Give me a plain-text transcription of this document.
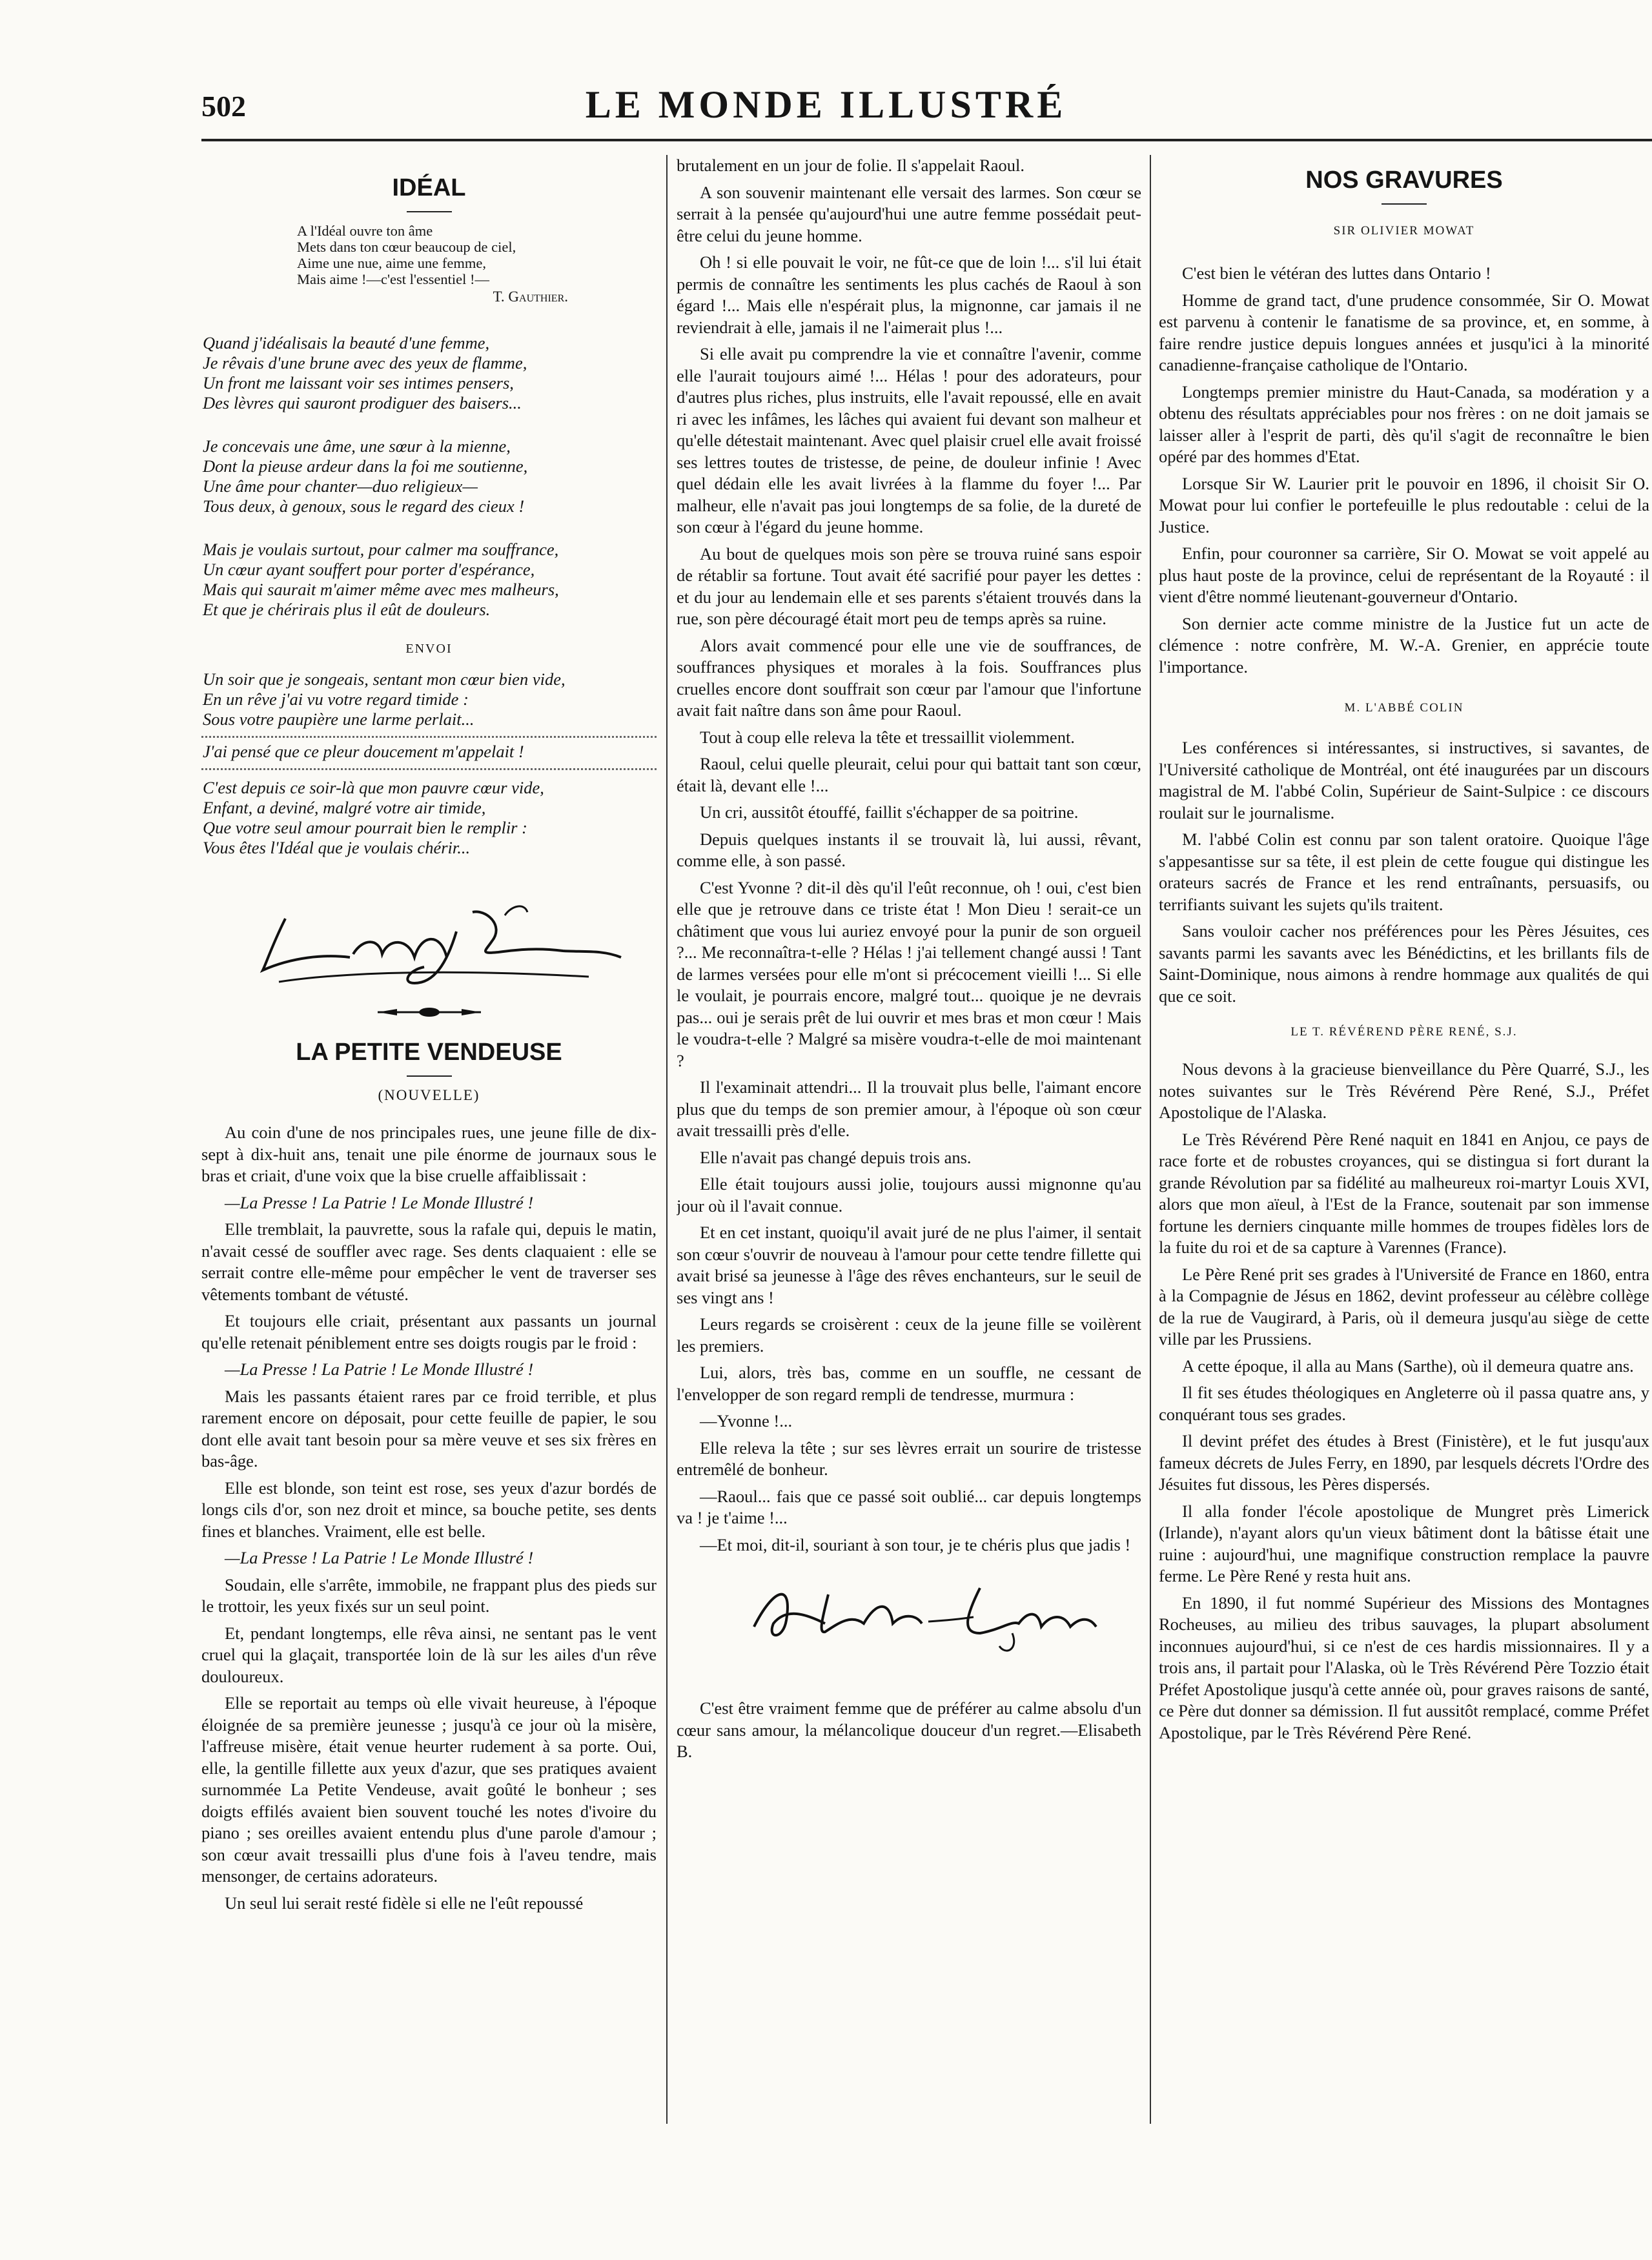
502	LE MONDE ILLUSTRÉ
IDÉAL
A l'Idéal ouvre ton âme
Mets dans ton cœur beaucoup de ciel,
Aime une nue, aime une femme,
Mais aime !—c'est l'essentiel !—
T. Gauthier.
Quand j'idéalisais la beauté d'une femme,
Je rêvais d'une brune avec des yeux de flamme,
Un front me laissant voir ses intimes pensers,
Des lèvres qui sauront prodiguer des baisers...
Je concevais une âme, une sœur à la mienne,
Dont la pieuse ardeur dans la foi me soutienne,
Une âme pour chanter—duo religieux—
Tous deux, à genoux, sous le regard des cieux !
Mais je voulais surtout, pour calmer ma souffrance,
Un cœur ayant souffert pour porter d'espérance,
Mais qui saurait m'aimer même avec mes malheurs,
Et que je chérirais plus il eût de douleurs.
ENVOI
Un soir que je songeais, sentant mon cœur bien vide,
En un rêve j'ai vu votre regard timide :
Sous votre paupière une larme perlait...
J'ai pensé que ce pleur doucement m'appelait !
C'est depuis ce soir-là que mon pauvre cœur vide,
Enfant, a deviné, malgré votre air timide,
Que votre seul amour pourrait bien le remplir :
Vous êtes l'Idéal que je voulais chérir...
Louis J. Bélineau
LA PETITE VENDEUSE
(NOUVELLE)

Au coin d'une de nos principales rues, une jeune fille de dix-sept à dix-huit ans, tenait une pile énorme de journaux sous le bras et criait, d'une voix que la bise cruelle affaiblissait :

—La Presse ! La Patrie ! Le Monde Illustré !

Elle tremblait, la pauvrette, sous la rafale qui, depuis le matin, n'avait cessé de souffler avec rage. Ses dents claquaient : elle se serrait contre elle-même pour empêcher le vent de traverser ses vêtements tombant de vétusté.

Et toujours elle criait, présentant aux passants un journal qu'elle retenait péniblement entre ses doigts rougis par le froid :

—La Presse ! La Patrie ! Le Monde Illustré !

Mais les passants étaient rares par ce froid terrible, et plus rarement encore on déposait, pour cette feuille de papier, le sou dont elle avait tant besoin pour sa mère veuve et ses six frères en bas-âge.

Elle est blonde, son teint est rose, ses yeux d'azur bordés de longs cils d'or, son nez droit et mince, sa bouche petite, ses dents fines et blanches. Vraiment, elle est belle.

—La Presse ! La Patrie ! Le Monde Illustré !

Soudain, elle s'arrête, immobile, ne frappant plus des pieds sur le trottoir, les yeux fixés sur un seul point.

Et, pendant longtemps, elle rêva ainsi, ne sentant pas le vent cruel qui la glaçait, transportée loin de là sur les ailes d'un rêve douloureux.

Elle se reportait au temps où elle vivait heureuse, à l'époque éloignée de sa première jeunesse ; jusqu'à ce jour où la misère, l'affreuse misère, était venue heurter rudement à sa porte. Oui, elle, la gentille fillette aux yeux d'azur, que ses pratiques avaient surnommée La Petite Vendeuse, avait goûté le bonheur ; ses doigts effilés avaient bien souvent touché les notes d'ivoire du piano ; ses oreilles avaient entendu plus d'une parole d'amour ; son cœur avait tressailli plus d'une fois à l'aveu tendre, mais mensonger, de certains adorateurs.

Un seul lui serait resté fidèle si elle ne l'eût repoussé

brutalement en un jour de folie. Il s'appelait Raoul.

A son souvenir maintenant elle versait des larmes. Son cœur se serrait à la pensée qu'aujourd'hui une autre femme possédait peut-être celui du jeune homme.

Oh ! si elle pouvait le voir, ne fût-ce que de loin !... s'il lui était permis de connaître les sentiments les plus cachés de Raoul à son égard !... Mais elle n'espérait plus, la mignonne, car jamais il ne reviendrait à elle, jamais il ne l'aimerait plus !...

Si elle avait pu comprendre la vie et connaître l'avenir, comme elle l'aurait toujours aimé !... Hélas ! pour des adorateurs, pour d'autres plus riches, plus instruits, elle l'avait repoussé, elle en avait ri avec les infâmes, les lâches qui avaient fui devant son malheur et qu'elle détestait maintenant. Avec quel plaisir cruel elle avait froissé ses lettres toutes de tristesse, de peine, de douleur infinie ! Avec quel dédain elle les avait livrées à la flamme du foyer !... Par malheur, elle n'avait pas joui longtemps de sa folie, de la dureté de son cœur à l'égard du jeune homme.

Au bout de quelques mois son père se trouva ruiné sans espoir de rétablir sa fortune. Tout avait été sacrifié pour payer les dettes : et du jour au lendemain elle et ses parents s'étaient trouvés dans la rue, son père découragé était mort peu de temps après sa ruine.

Alors avait commencé pour elle une vie de souffrances, de souffrances physiques et morales à la fois. Souffrances plus cruelles encore dont souffrait son cœur par l'amour que l'infortune avait fait naître dans son âme pour Raoul.

Tout à coup elle releva la tête et tressaillit violemment.

Raoul, celui quelle pleurait, celui pour qui battait tant son cœur, était là, devant elle !...

Un cri, aussitôt étouffé, faillit s'échapper de sa poitrine.

Depuis quelques instants il se trouvait là, lui aussi, rêvant, comme elle, à son passé.

C'est Yvonne ? dit-il dès qu'il l'eût reconnue, oh ! oui, c'est bien elle que je retrouve dans ce triste état ! Mon Dieu ! serait-ce un châtiment que vous lui auriez envoyé pour la punir de son orgueil ?... Me reconnaîtra-t-elle ? Hélas ! j'ai tellement changé aussi ! Tant de larmes versées pour elle m'ont si précocement vieilli !... Si elle le voulait, je pourrais encore, malgré tout... quoique je ne devrais pas... oui je serais prêt de lui ouvrir et mes bras et mon cœur ! Mais le voudra-t-elle ? Malgré sa misère voudra-t-elle de moi maintenant ?

Il l'examinait attendri... Il la trouvait plus belle, l'aimant encore plus que du temps de son premier amour, à l'époque où son cœur avait tressailli près d'elle.

Elle n'avait pas changé depuis trois ans.

Elle était toujours aussi jolie, toujours aussi mignonne qu'au jour où il l'avait connue.

Et en cet instant, quoiqu'il avait juré de ne plus l'aimer, il sentait son cœur s'ouvrir de nouveau à l'amour pour cette tendre fillette qui avait brisé sa jeunesse à l'âge des rêves enchanteurs, sur le seuil de ses vingt ans !

Leurs regards se croisèrent : ceux de la jeune fille se voilèrent les premiers.

Lui, alors, très bas, comme en un souffle, ne cessant de l'envelopper de son regard rempli de tendresse, murmura :

—Yvonne !...

Elle releva la tête ; sur ses lèvres errait un sourire de tristesse entremêlé de bonheur.

—Raoul... fais que ce passé soit oublié... car depuis longtemps va ! je t'aime !...

—Et moi, dit-il, souriant à son tour, je te chéris plus que jadis !

Alphonse Gingras

C'est être vraiment femme que de préférer au calme absolu d'un cœur sans amour, la mélancolique douceur d'un regret.—Elisabeth B.

NOS GRAVURES
SIR OLIVIER MOWAT

C'est bien le vétéran des luttes dans Ontario !

Homme de grand tact, d'une prudence consommée, Sir O. Mowat est parvenu à contenir le fanatisme de sa province, et, en somme, à faire rendre justice depuis longues années et jusqu'ici à la minorité canadienne-française catholique de l'Ontario.

Longtemps premier ministre du Haut-Canada, sa modération y a obtenu des résultats appréciables pour nos frères : on ne doit jamais se laisser aller à l'esprit de parti, dès qu'il s'agit de reconnaître le bien opéré par des hommes d'Etat.

Lorsque Sir W. Laurier prit le pouvoir en 1896, il choisit Sir O. Mowat pour lui confier le portefeuille le plus redoutable : celui de la Justice.

Enfin, pour couronner sa carrière, Sir O. Mowat se voit appelé au plus haut poste de la province, celui de représentant de la Royauté : il vient d'être nommé lieutenant-gouverneur d'Ontario.

Son dernier acte comme ministre de la Justice fut un acte de clémence : notre confrère, M. W.-A. Grenier, en apprécie toute l'importance.

M. L'ABBÉ COLIN

Les conférences si intéressantes, si instructives, si savantes, de l'Université catholique de Montréal, ont été inaugurées par un discours magistral de M. l'abbé Colin, Supérieur de Saint-Sulpice : ce discours roulait sur le journalisme.

M. l'abbé Colin est connu par son talent oratoire. Quoique l'âge s'appesantisse sur sa tête, il est plein de cette fougue qui distingue les orateurs sacrés de France et les rend entraînants, persuasifs, ou terrifiants suivant les sujets qu'ils traitent.

Sans vouloir cacher nos préférences pour les Pères Jésuites, ces savants parmi les savants avec les Bénédictins, et les brillants fils de Saint-Dominique, nous aimons à rendre hommage aux qualités de qui que ce soit.

LE T. RÉVÉREND PÈRE RENÉ, S.J.

Nous devons à la gracieuse bienveillance du Père Quarré, S.J., les notes suivantes sur le Très Révérend Père René, S.J., Préfet Apostolique de l'Alaska.

Le Très Révérend Père René naquit en 1841 en Anjou, ce pays de race forte et de robustes croyances, qui se distingua si fort durant la grande Révolution par sa fidélité au malheureux roi-martyr Louis XVI, alors que mon aïeul, à l'Est de la France, soutenait par son immense fortune les derniers cinquante mille hommes de troupes fidèles lors de la fuite du roi et de sa capture à Varennes (France).

Le Père René prit ses grades à l'Université de France en 1860, entra à la Compagnie de Jésus en 1862, devint professeur au célèbre collège de la rue de Vaugirard, à Paris, où il demeura jusqu'au siège de cette ville par les Prussiens.

A cette époque, il alla au Mans (Sarthe), où il demeura quatre ans.

Il fit ses études théologiques en Angleterre où il passa quatre ans, y conquérant tous ses grades.

Il devint préfet des études à Brest (Finistère), et le fut jusqu'aux fameux décrets de Jules Ferry, en 1890, par lesquels décrets l'Ordre des Jésuites fut dissous, les Pères dispersés.

Il alla fonder l'école apostolique de Mungret près Limerick (Irlande), n'ayant alors qu'un vieux bâtiment dont la bâtisse était une ruine : aujourd'hui, une magnifique construction remplace la pauvre ferme. Le Père René y resta huit ans.

En 1890, il fut nommé Supérieur des Missions des Montagnes Rocheuses, au milieu des tribus sauvages, la plupart absolument inconnues aujourd'hui, si ce n'est de ces hardis missionnaires. Il y a trois ans, il partait pour l'Alaska, où le Très Révérend Père Tozzio était Préfet Apostolique jusqu'à cette année où, pour graves raisons de santé, ce Père dut donner sa démission. Il fut aussitôt remplacé, comme Préfet Apostolique, par le Très Révérend Père René.
